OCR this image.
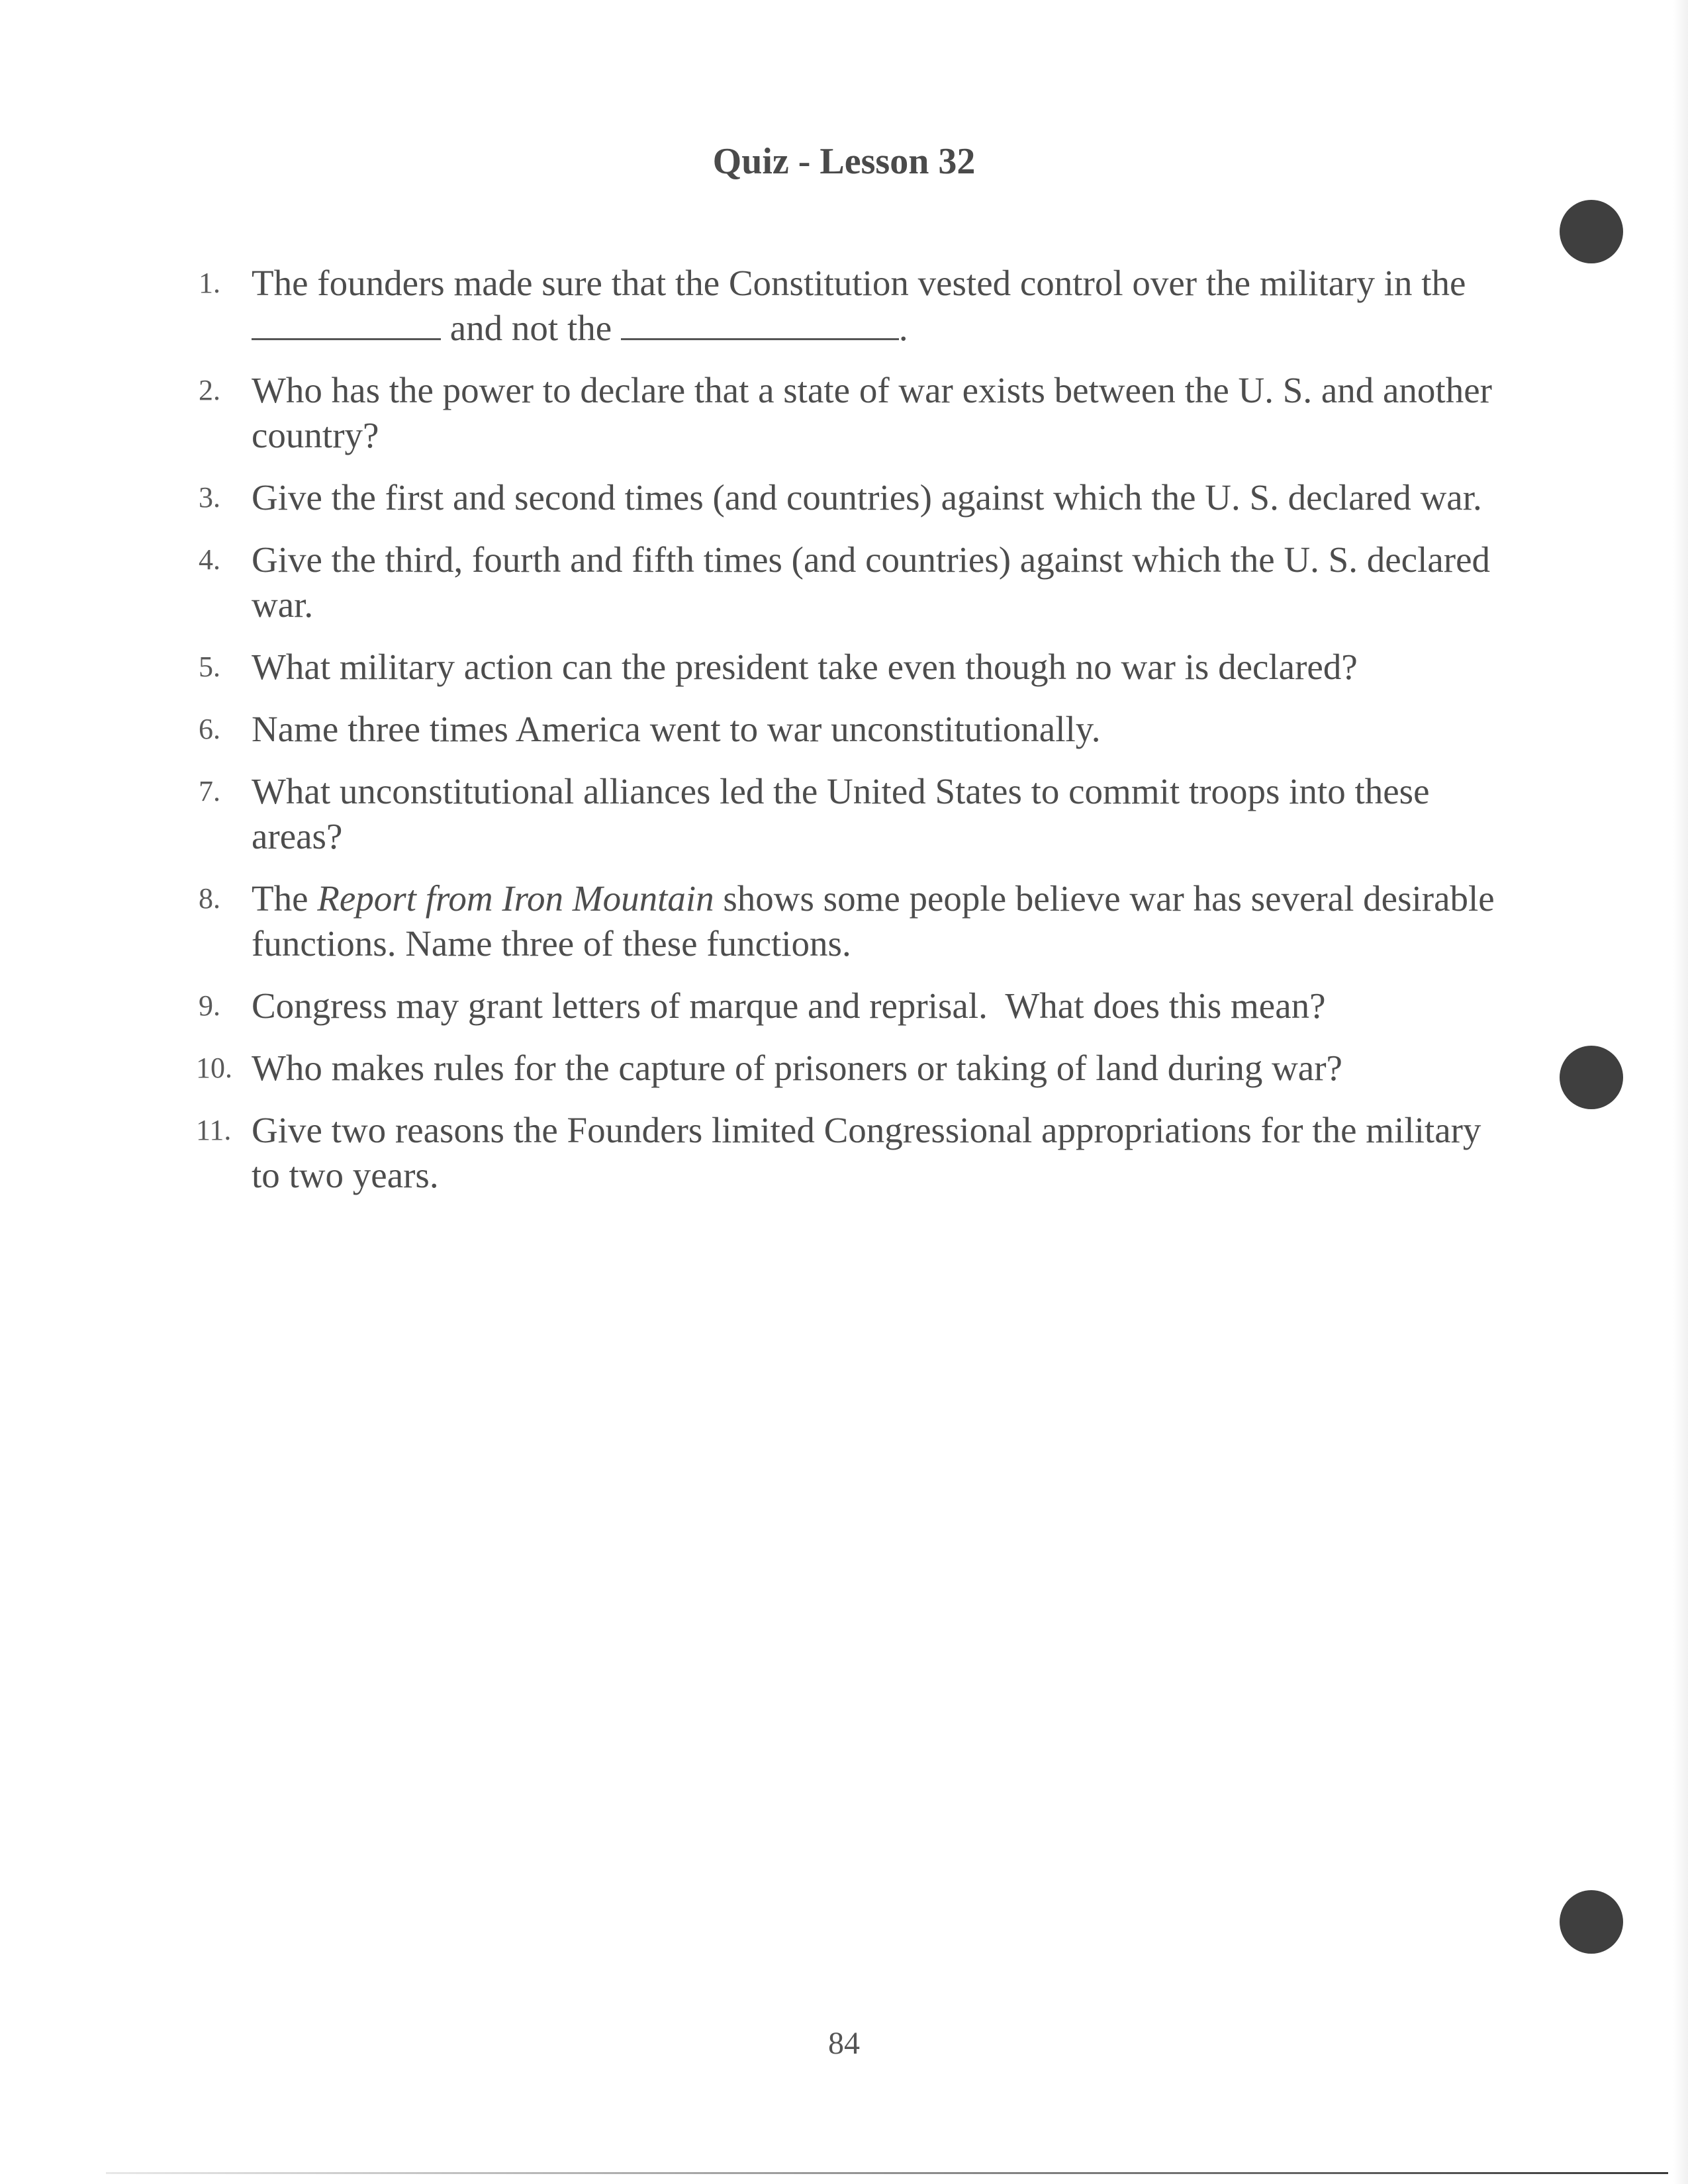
Quiz - Lesson 32
1. The founders made sure that the Constitution vested control over the military in the  and not the	.
2. Who has the power to declare that a state of war exists between the U. S. and another country?
3. Give the first and second times (and countries) against which the U. S. declared war.
4. Give the third, fourth and fifth times (and countries) against which the U. S. declared war.
5. What military action can the president take even though no war is declared?
6. Name three times America went to war unconstitutionally.
7. What unconstitutional alliances led the United States to commit troops into these areas?
8. The Report from Iron Mountain shows some people believe war has several desirable functions. Name three of these functions.
9. Congress may grant letters of marque and reprisal.  What does this mean?
10. Who makes rules for the capture of prisoners or taking of land during war?
11. Give two reasons the Founders limited Congressional appropriations for the military to two years.
84
